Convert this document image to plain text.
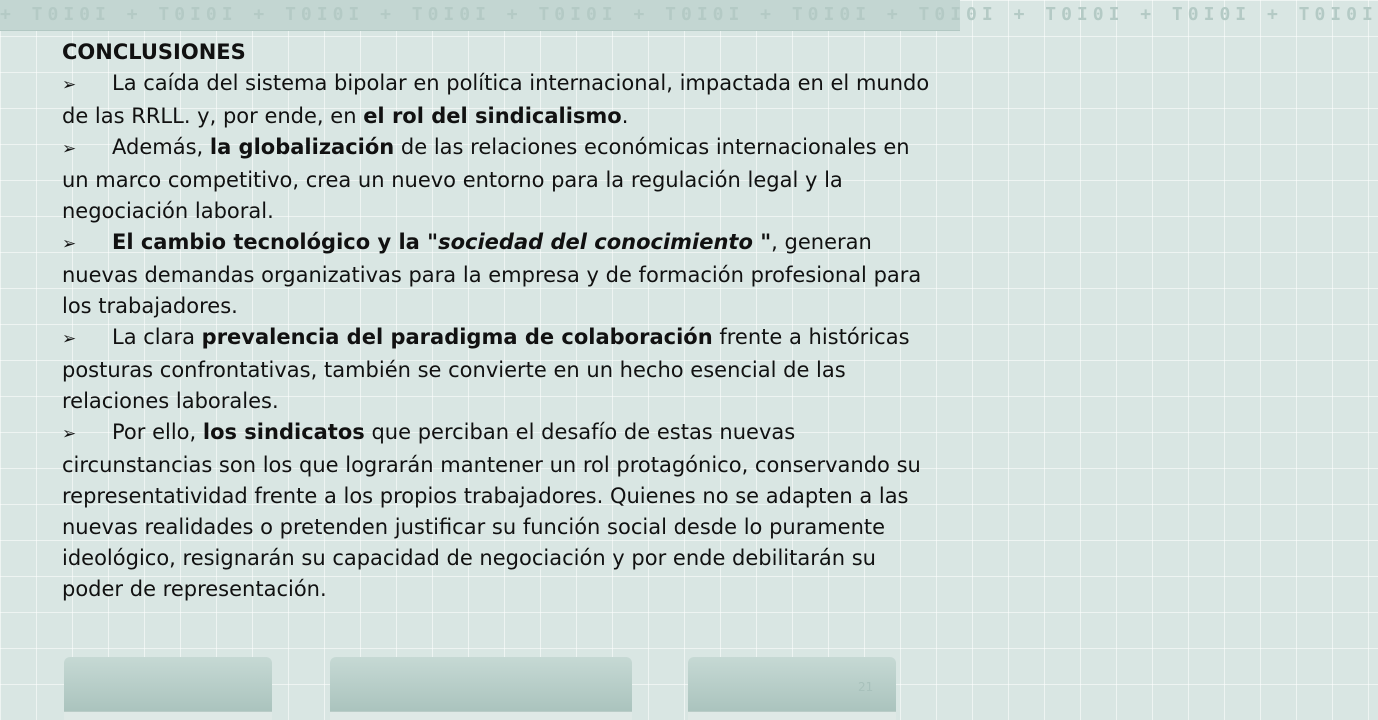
+ T0I0I + T0I0I + T0I0I + T0I0I + T0I0I + T0I0I + T0I0I + T0I0I + T0I0I + T0I0I + T0I0I

CONCLUSIONES

➢ La caída del sistema bipolar en política internacional, impactada en el mundo de las RRLL. y, por ende, en el rol del sindicalismo.

➢ Además, la globalización de las relaciones económicas internacionales en un marco competitivo, crea un nuevo entorno para la regulación legal y la negociación laboral.

➢ El cambio tecnológico y la "sociedad del conocimiento ", generan nuevas demandas organizativas para la empresa y de formación profesional para los trabajadores.

➢ La clara prevalencia del paradigma de colaboración frente a históricas posturas confrontativas, también se convierte en un hecho esencial de las relaciones laborales.

➢ Por ello, los sindicatos que perciban el desafío de estas nuevas circunstancias son los que lograrán mantener un rol protagónico, conservando su representatividad frente a los propios trabajadores. Quienes no se adapten a las nuevas realidades o pretenden justificar su función social desde lo puramente ideológico, resignarán su capacidad de negociación y por ende debilitarán su poder de representación.

21
